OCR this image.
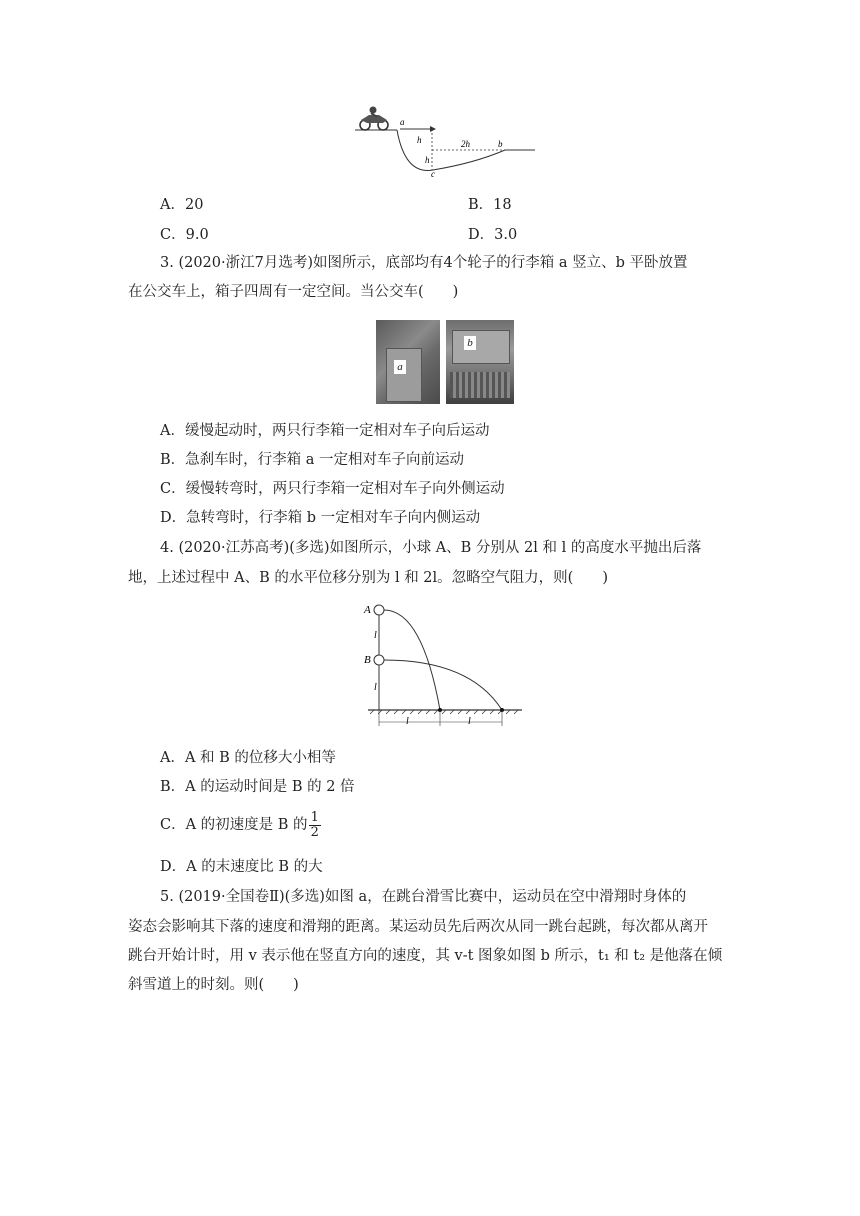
a
h
h
2h	b
c
A．20	B．18
C．9.0	D．3.0
3. (2020·浙江7月选考)如图所示，底部均有4个轮子的行李箱 a 竖立、b 平卧放置
在公交车上，箱子四周有一定空间。当公交车(　　)
a
b
A．缓慢起动时，两只行李箱一定相对车子向后运动
B．急刹车时，行李箱 a 一定相对车子向前运动
C．缓慢转弯时，两只行李箱一定相对车子向外侧运动
D．急转弯时，行李箱 b 一定相对车子向内侧运动
4. (2020·江苏高考)(多选)如图所示，小球 A、B 分别从 2l 和 l 的高度水平抛出后落
地，上述过程中 A、B 的水平位移分别为 l 和 2l。忽略空气阻力，则(　　)
A
B
l
l
l	l
A．A 和 B 的位移大小相等
B．A 的运动时间是 B 的 2 倍
C．A 的初速度是 B 的 $\frac{1}{2}$
D．A 的末速度比 B 的大
5. (2019·全国卷Ⅱ)(多选)如图 a，在跳台滑雪比赛中，运动员在空中滑翔时身体的
姿态会影响其下落的速度和滑翔的距离。某运动员先后两次从同一跳台起跳，每次都从离开
跳台开始计时，用 v 表示他在竖直方向的速度，其 v-t 图象如图 b 所示，t₁ 和 t₂ 是他落在倾
斜雪道上的时刻。则(　　)
